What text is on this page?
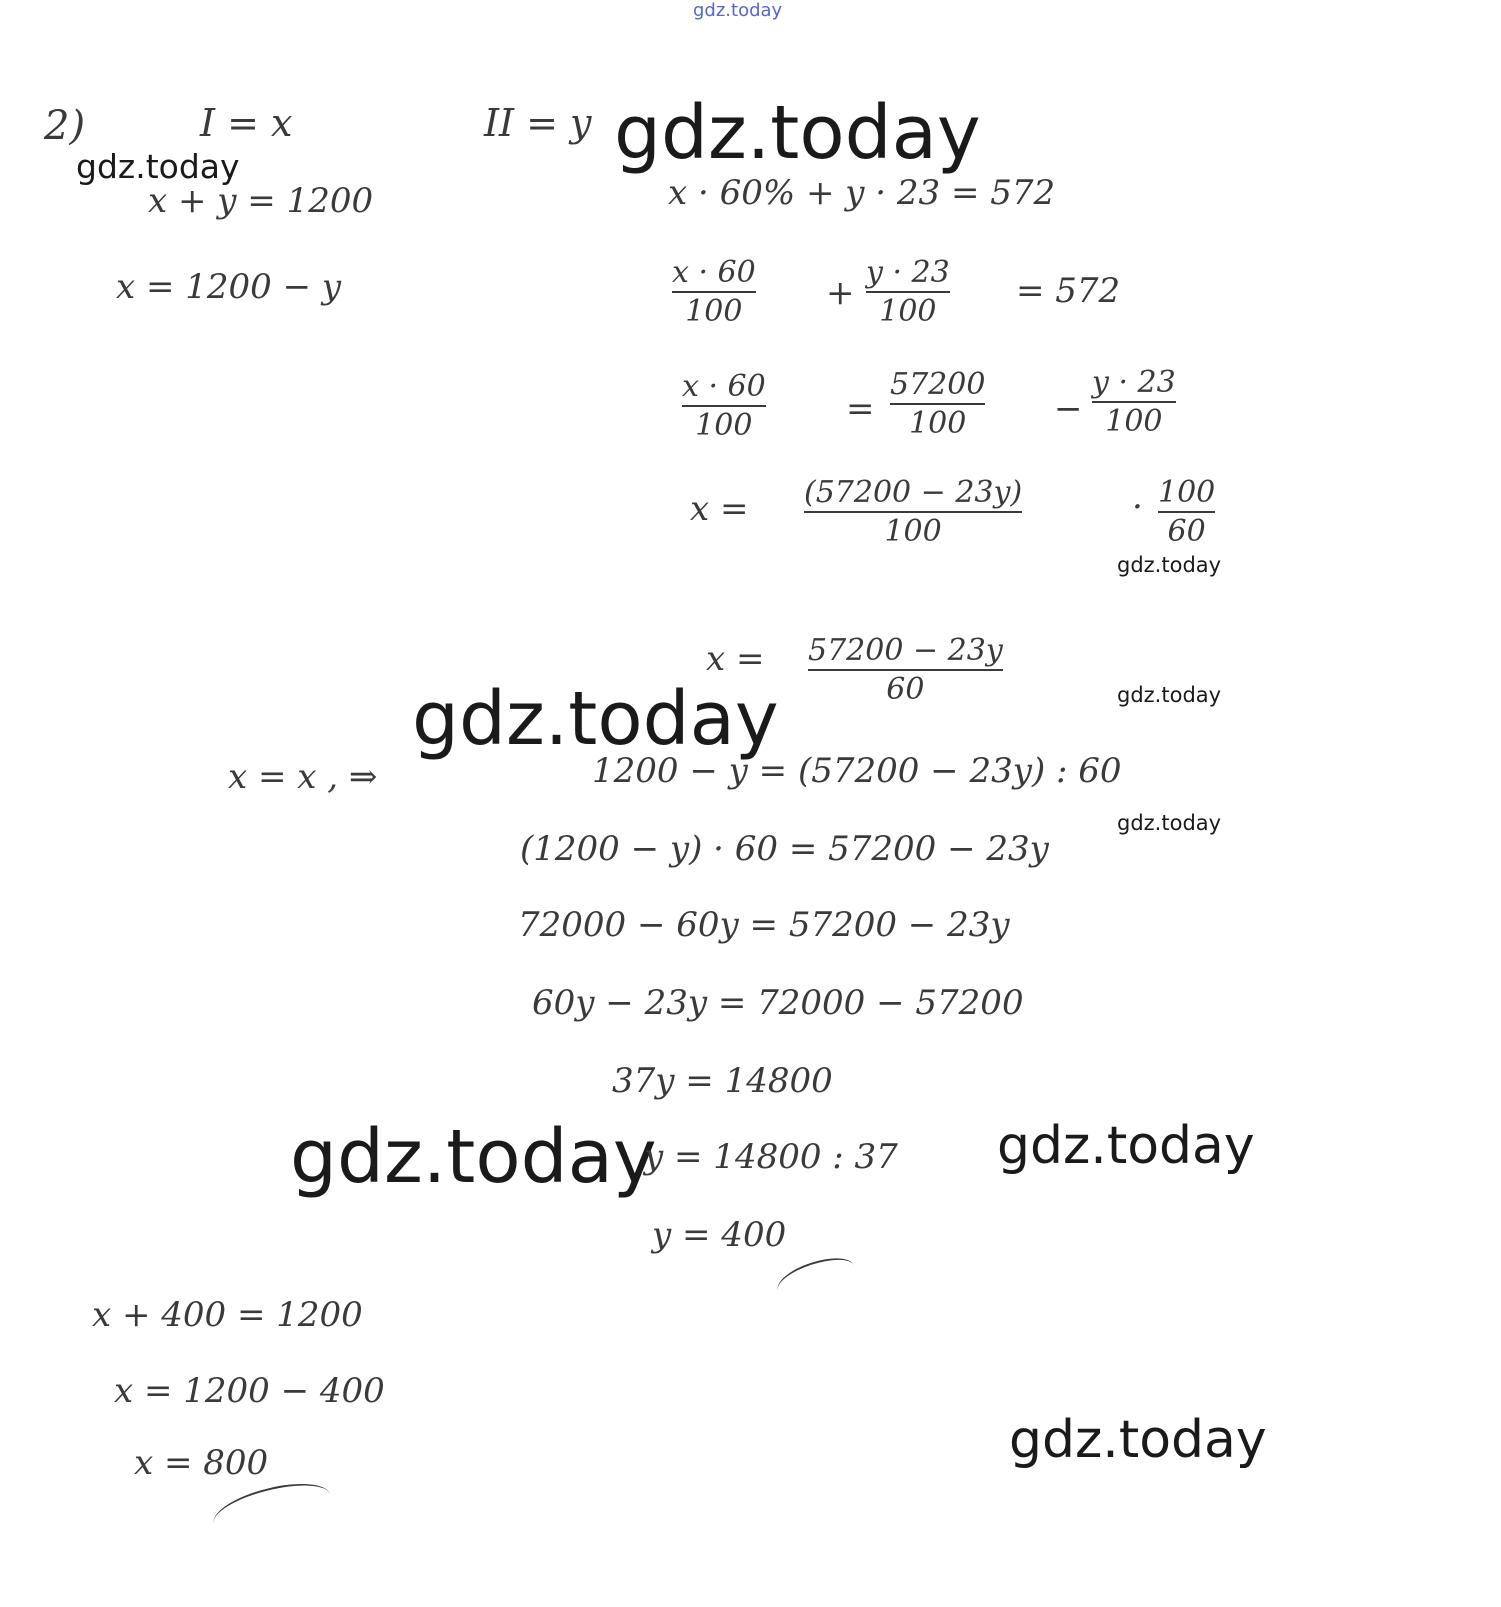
gdz.today
gdz.today
gdz.today
gdz.today
gdz.today	gdz.today
gdz.today
gdz.today
gdz.today
gdz.today
2)	I = x	II = y
x + y = 1200
x = 1200 − y
x · 60% + y · 23 = 572
x · 60
100 +
y · 23
100
= 572
x · 60
100	=
57200
100	−
y · 23
100
x = (57200 − 23y)
100
· 100
60
x = 57200 − 23y
60
x = x , ⇒	1200 − y = (57200 − 23y) : 60
(1200 − y) · 60 = 57200 − 23y
72000 − 60y = 57200 − 23y
60y − 23y = 72000 − 57200
37y = 14800
y = 14800 : 37
y = 400
x + 400 = 1200
x = 1200 − 400
x = 800
